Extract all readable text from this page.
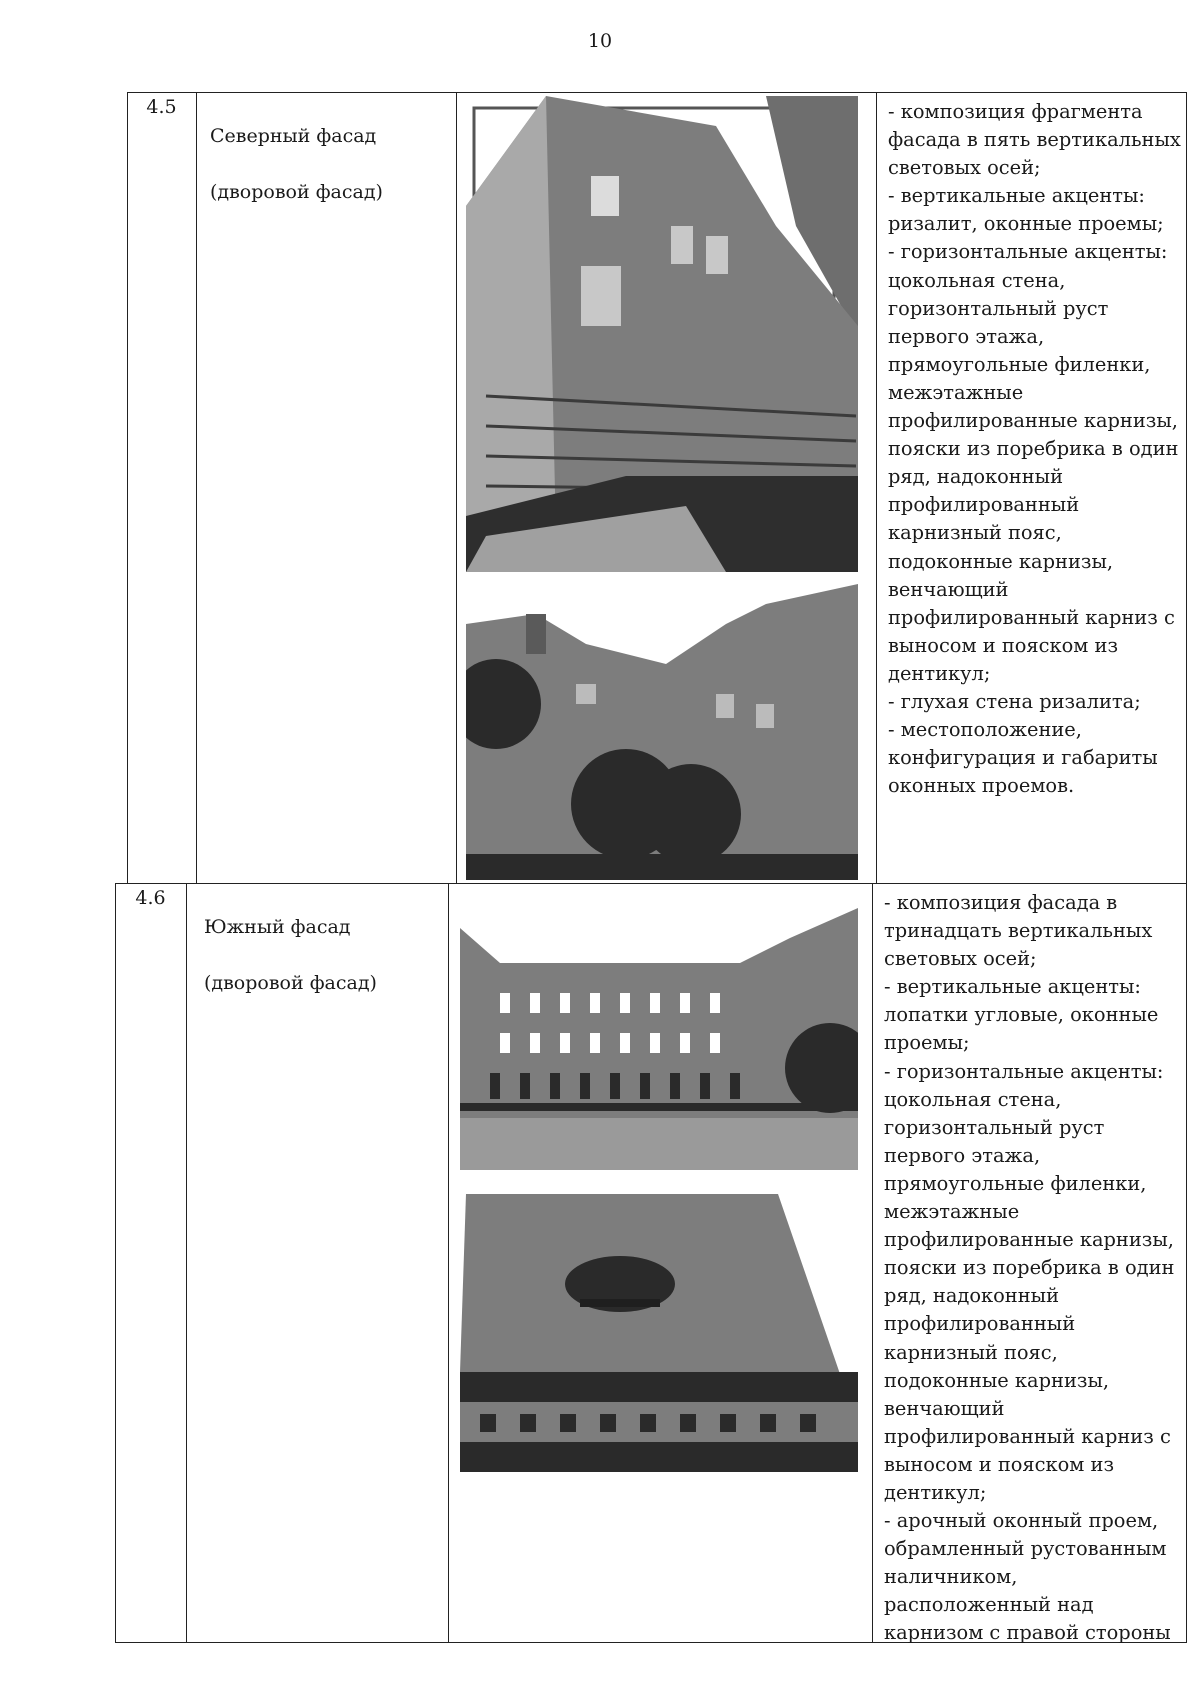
10
4.5

Северный фасад

(дворовой фасад)

- композиция фрагмента
фасада в пять вертикальных
световых осей;
- вертикальные акценты:
ризалит, оконные проемы;
- горизонтальные акценты:
цокольная стена,
горизонтальный руст
первого этажа,
прямоугольные филенки,
межэтажные
профилированные карнизы,
пояски из поребрика в один
ряд, надоконный
профилированный
карнизный пояс,
подоконные карнизы,
венчающий
профилированный карниз с
выносом и пояском из
дентикул;
- глухая стена ризалита;
- местоположение,
конфигурация и габариты
оконных проемов.
4.6

Южный фасад

(дворовой фасад)

- композиция фасада в
тринадцать вертикальных
световых осей;
- вертикальные акценты:
лопатки угловые, оконные
проемы;
- горизонтальные акценты:
цокольная стена,
горизонтальный руст
первого этажа,
прямоугольные филенки,
межэтажные
профилированные карнизы,
пояски из поребрика в один
ряд, надоконный
профилированный
карнизный пояс,
подоконные карнизы,
венчающий
профилированный карниз с
выносом и пояском из
дентикул;
- арочный оконный проем,
обрамленный рустованным
наличником,
расположенный над
карнизом с правой стороны
